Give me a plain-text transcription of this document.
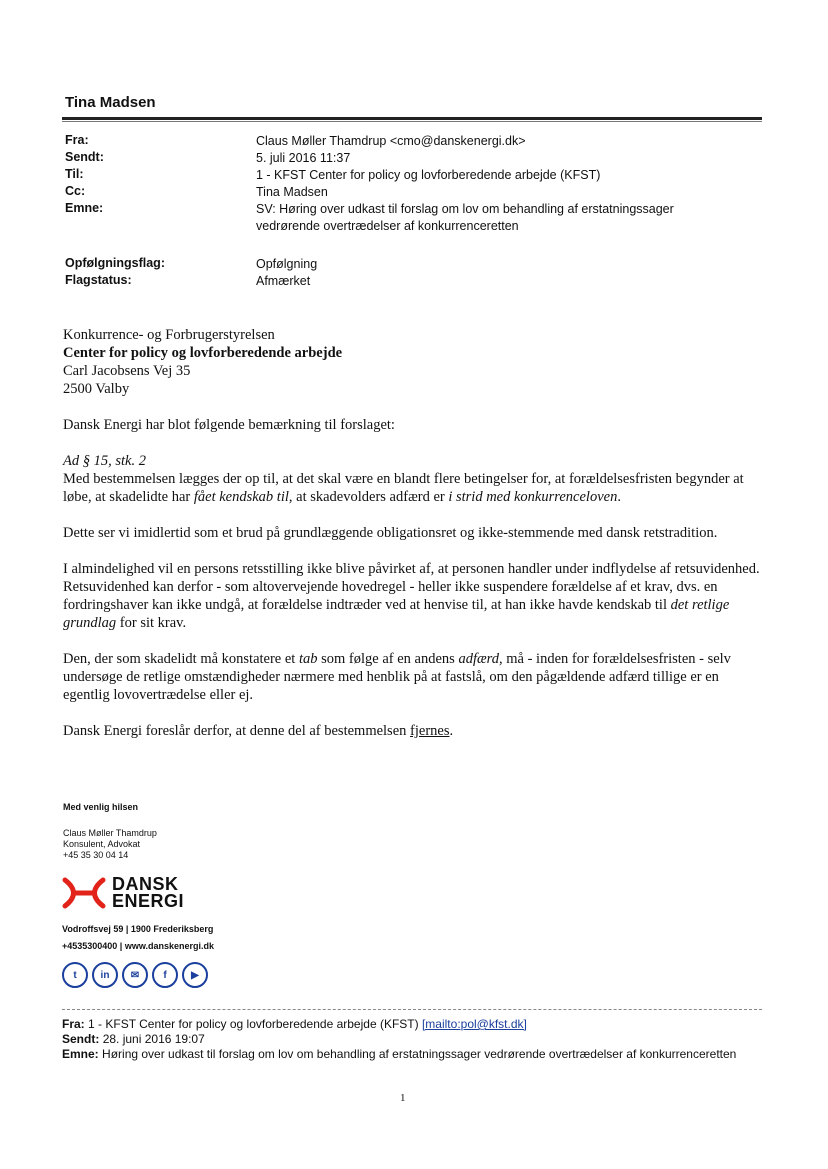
Tina Madsen
Fra:	Claus Møller Thamdrup <cmo@danskenergi.dk>
Sendt:	5. juli 2016 11:37
Til:	1 - KFST Center for policy og lovforberedende arbejde (KFST)
Cc:	Tina Madsen
Emne:	SV: Høring over udkast til forslag om lov om behandling af erstatningssager vedrørende overtrædelser af konkurrenceretten
Opfølgningsflag:	Opfølgning
Flagstatus:	Afmærket

Konkurrence- og Forbrugerstyrelsen

Center for policy og lovforberedende arbejde

Carl Jacobsens Vej 35

2500 Valby

Dansk Energi har blot følgende bemærkning til forslaget:

Ad § 15, stk. 2

Med bestemmelsen lægges der op til, at det skal være en blandt flere betingelser for, at forældelsesfristen begynder at løbe, at skadelidte har fået kendskab til, at skadevolders adfærd er i strid med konkurrenceloven.

Dette ser vi imidlertid som et brud på grundlæggende obligationsret og ikke-stemmende med dansk retstradition.

I almindelighed vil en persons retsstilling ikke blive påvirket af, at personen handler under indflydelse af retsuvidenhed. Retsuvidenhed kan derfor - som altovervejende hovedregel - heller ikke suspendere forældelse af et krav, dvs. en fordringshaver kan ikke undgå, at forældelse indtræder ved at henvise til, at han ikke havde kendskab til det retlige grundlag for sit krav.

Den, der som skadelidt må konstatere et tab som følge af en andens adfærd, må - inden for forældelsesfristen - selv undersøge de retlige omstændigheder nærmere med henblik på at fastslå, om den pågældende adfærd tillige er en egentlig lovovertrædelse eller ej.

Dansk Energi foreslår derfor, at denne del af bestemmelsen fjernes.

Med venlig hilsen
Claus Møller Thamdrup
Konsulent, Advokat
+45 35 30 04 14
DANSK
ENERGI
Vodroffsvej 59 | 1900 Frederiksberg
+4535300400 | www.danskenergi.dk
t	in	✉	f	▶
Fra: 1 - KFST Center for policy og lovforberedende arbejde (KFST) [mailto:pol@kfst.dk]
Sendt: 28. juni 2016 19:07
Emne: Høring over udkast til forslag om lov om behandling af erstatningssager vedrørende overtrædelser af konkurrenceretten
1
